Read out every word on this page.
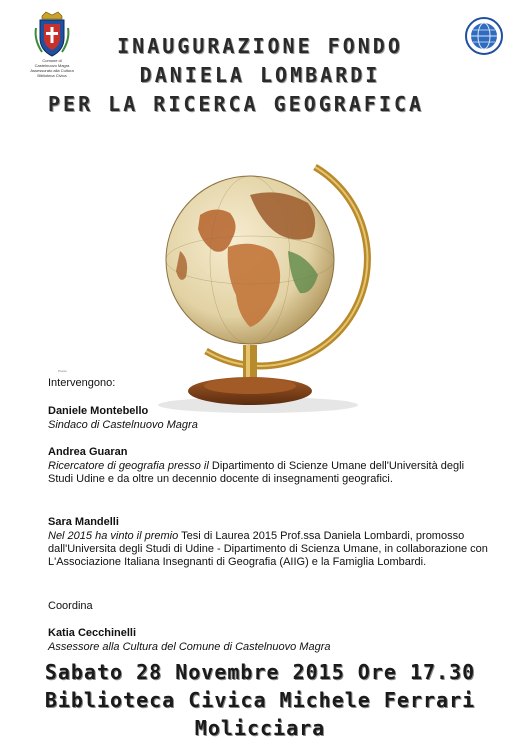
Comune di
Castelnuovo Magra
Assessorato alla Cultura
Biblioteca Civica
INAUGURAZIONE FONDO
DANIELA LOMBARDI
PER LA RICERCA GEOGRAFICA
Pronto
Intervengono:
Daniele Montebello
Sindaco di Castelnuovo Magra
Andrea Guaran
Ricercatore di geografia presso il Dipartimento di Scienze Umane dell'Università degli Studi Udine e da oltre un decennio docente di insegnamenti geografici.
Sara Mandelli
Nel 2015 ha vinto il premio Tesi di Laurea 2015 Prof.ssa Daniela Lombardi, promosso dall'Universita degli Studi di Udine - Dipartimento di Scienza Umane, in collaborazione con L'Associazione Italiana Insegnanti di Geografia (AIIG) e la Famiglia Lombardi.
Coordina
Katia Cecchinelli
Assessore alla Cultura del Comune di Castelnuovo Magra
Sabato 28 Novembre 2015 Ore 17.30
Biblioteca Civica Michele Ferrari
Molicciara
